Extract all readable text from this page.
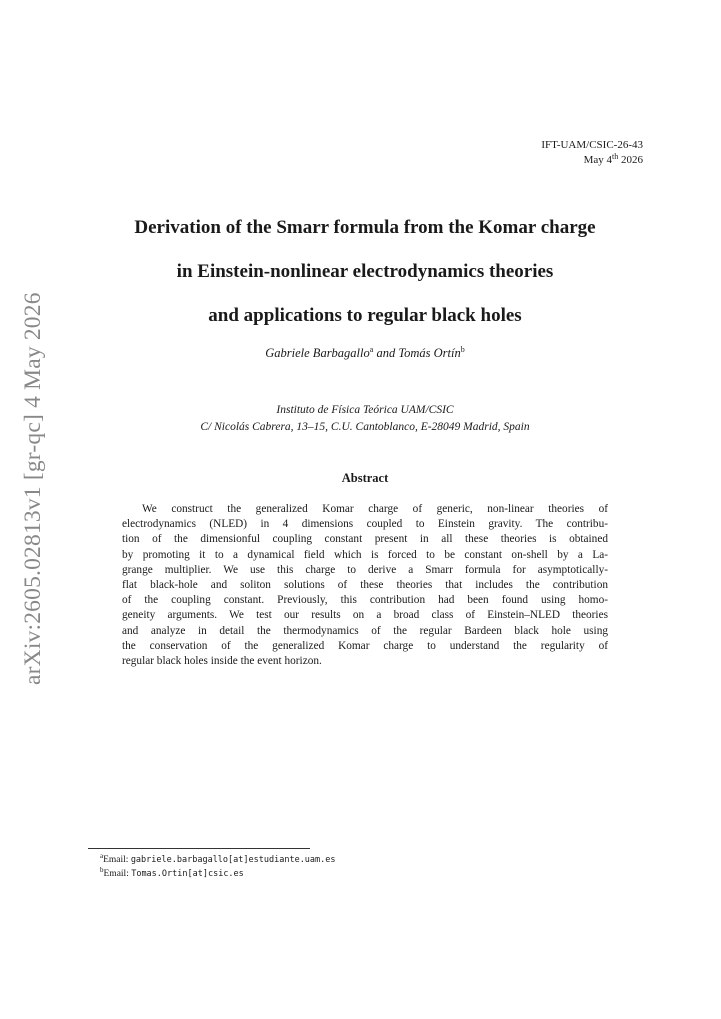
IFT-UAM/CSIC-26-43
May 4th 2026
Derivation of the Smarr formula from the Komar charge
in Einstein-nonlinear electrodynamics theories
and applications to regular black holes
Gabriele Barbagallo$^a$ and Tomás Ortín$^b$
Instituto de Física Teórica UAM/CSIC
C/ Nicolás Cabrera, 13–15, C.U. Cantoblanco, E-28049 Madrid, Spain
Abstract
We construct the generalized Komar charge of generic, non-linear theories of
electrodynamics (NLED) in 4 dimensions coupled to Einstein gravity. The contribu-
tion of the dimensionful coupling constant present in all these theories is obtained
by promoting it to a dynamical field which is forced to be constant on-shell by a La-
grange multiplier. We use this charge to derive a Smarr formula for asymptotically-
flat black-hole and soliton solutions of these theories that includes the contribution
of the coupling constant. Previously, this contribution had been found using homo-
geneity arguments. We test our results on a broad class of Einstein–NLED theories
and analyze in detail the thermodynamics of the regular Bardeen black hole using
the conservation of the generalized Komar charge to understand the regularity of
regular black holes inside the event horizon.
arXiv:2605.02813v1 [gr-qc] 4 May 2026
$^a$Email: gabriele.barbagallo[at]estudiante.uam.es
$^b$Email: Tomas.Ortin[at]csic.es
